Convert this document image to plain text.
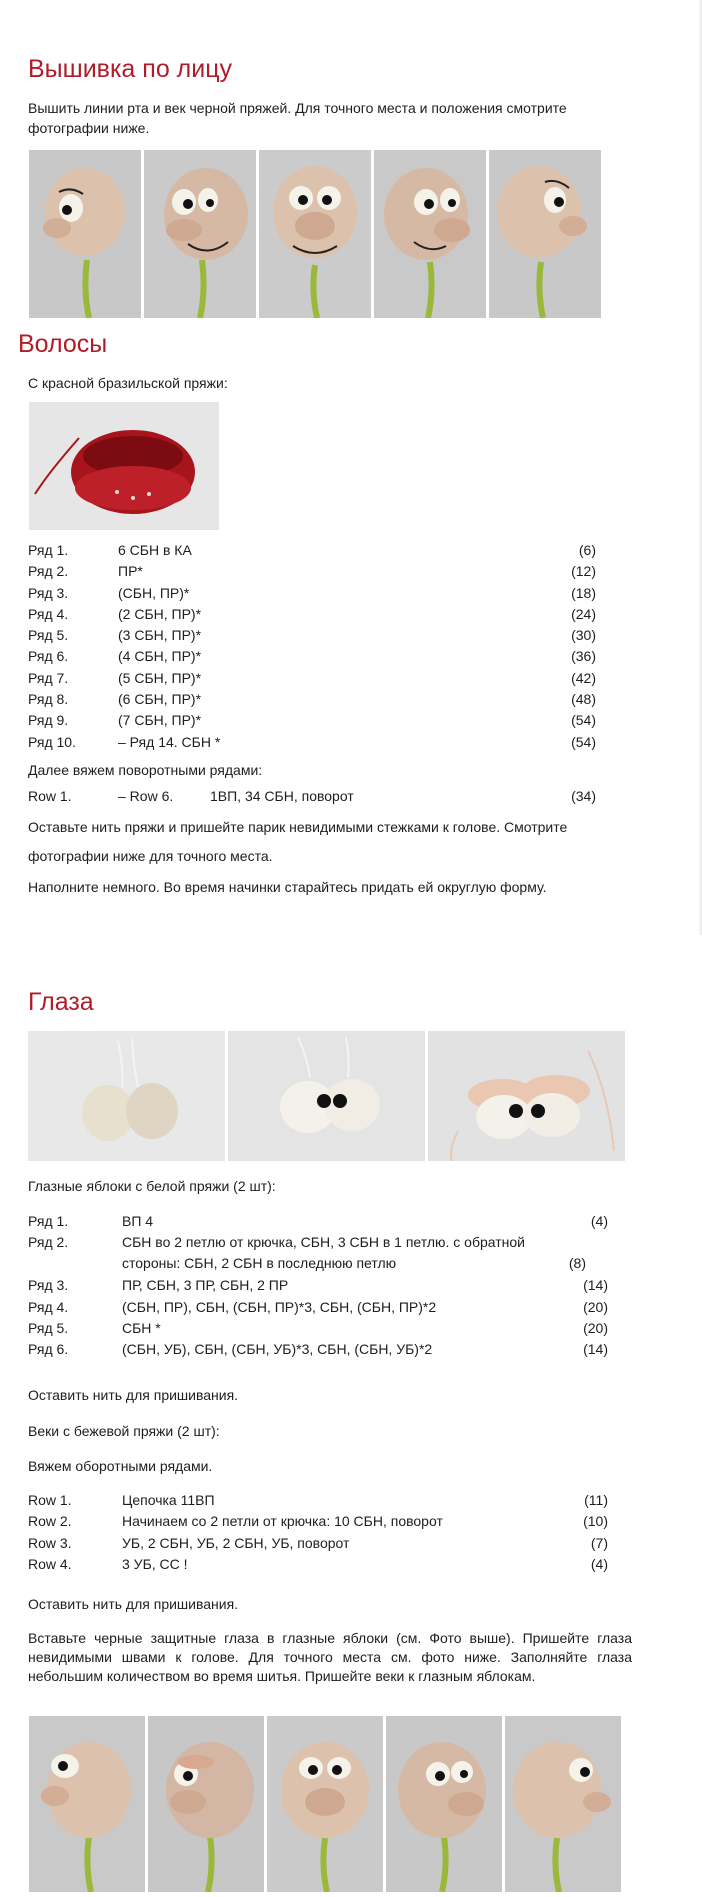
Вышивка по лицу

Вышить линии рта и век черной пряжей. Для точного места и положения смотрите фотографии ниже.

Волосы

С красной бразильской пряжи:

Ряд 1.	6 СБН в КА	(6)
Ряд 2.	ПР*	(12)
Ряд 3.	(СБН, ПР)*	(18)
Ряд 4.	(2 СБН, ПР)*	(24)
Ряд 5.	(3 СБН, ПР)*	(30)
Ряд 6.	(4 СБН, ПР)*	(36)
Ряд 7.	(5 СБН, ПР)*	(42)
Ряд 8.	(6 СБН, ПР)*	(48)
Ряд 9.	(7 СБН, ПР)*	(54)
Ряд 10.	– Ряд 14. СБН *	(54)

Далее вяжем поворотными рядами:

Row 1.	– Row 6.	1ВП, 34 СБН, поворот	(34)

Оставьте нить пряжи и пришейте парик невидимыми стежками к голове. Смотрите

фотографии ниже для точного места.

Наполните немного. Во время начинки старайтесь придать ей округлую форму.

Глаза

Глазные яблоки с белой пряжи (2 шт):

Ряд 1.	ВП 4	(4)
Ряд 2.	СБН во 2 петлю от крючка, СБН, 3 СБН в 1 петлю. с обратной
стороны: СБН, 2 СБН в последнюю петлю	(8)
Ряд 3.	ПР, СБН, 3 ПР, СБН, 2 ПР	(14)
Ряд 4.	(СБН, ПР), СБН, (СБН, ПР)*3, СБН, (СБН, ПР)*2	(20)
Ряд 5.	СБН *	(20)
Ряд 6.	(СБН, УБ), СБН, (СБН, УБ)*3, СБН, (СБН, УБ)*2	(14)

Оставить нить для пришивания.

Веки с бежевой пряжи (2 шт):

Вяжем оборотными рядами.

Row 1.	Цепочка 11ВП	(11)
Row 2.	Начинаем со 2 петли от крючка: 10 СБН, поворот	(10)
Row 3.	УБ, 2 СБН, УБ, 2 СБН, УБ, поворот	(7)
Row 4.	3 УБ, СС !	(4)

Оставить нить для пришивания.

Вставьте черные защитные глаза в глазные яблоки (см. Фото выше). Пришейте глаза невидимыми швами к голове. Для точного места см. фото ниже. Заполняйте глаза небольшим количеством во время шитья. Пришейте веки к глазным яблокам.
